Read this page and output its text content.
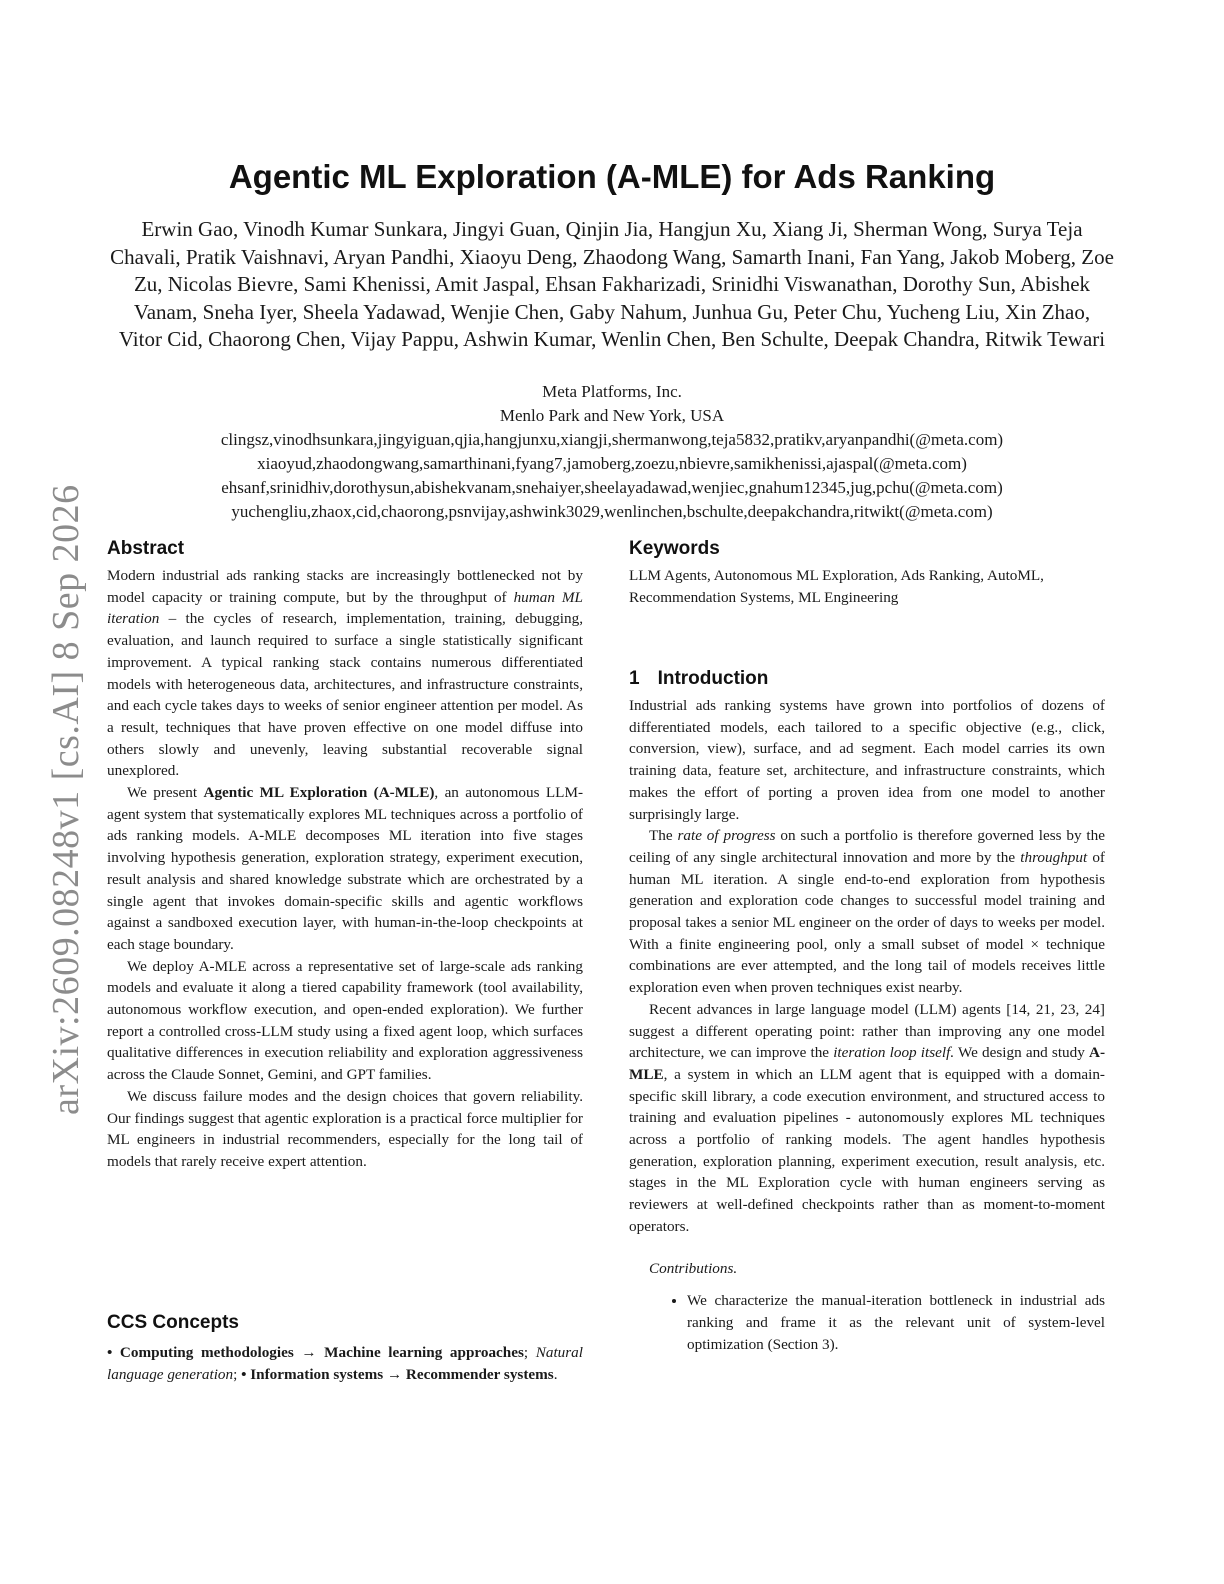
arXiv:2609.08248v1 [cs.AI] 8 Sep 2026
Agentic ML Exploration (A-MLE) for Ads Ranking
Erwin Gao, Vinodh Kumar Sunkara, Jingyi Guan, Qinjin Jia, Hangjun Xu, Xiang Ji, Sherman Wong, Surya Teja Chavali, Pratik Vaishnavi, Aryan Pandhi, Xiaoyu Deng, Zhaodong Wang, Samarth Inani, Fan Yang, Jakob Moberg, Zoe Zu, Nicolas Bievre, Sami Khenissi, Amit Jaspal, Ehsan Fakharizadi, Srinidhi Viswanathan, Dorothy Sun, Abishek Vanam, Sneha Iyer, Sheela Yadawad, Wenjie Chen, Gaby Nahum, Junhua Gu, Peter Chu, Yucheng Liu, Xin Zhao, Vitor Cid, Chaorong Chen, Vijay Pappu, Ashwin Kumar, Wenlin Chen, Ben Schulte, Deepak Chandra, Ritwik Tewari
Meta Platforms, Inc.
Menlo Park and New York, USA
clingsz,vinodhsunkara,jingyiguan,qjia,hangjunxu,xiangji,shermanwong,teja5832,pratikv,aryanpandhi(@meta.com)
xiaoyud,zhaodongwang,samarthinani,fyang7,jamoberg,zoezu,nbievre,samikhenissi,ajaspal(@meta.com)
ehsanf,srinidhiv,dorothysun,abishekvanam,snehaiyer,sheelayadawad,wenjiec,gnahum12345,jug,pchu(@meta.com)
yuchengliu,zhaox,cid,chaorong,psnvijay,ashwink3029,wenlinchen,bschulte,deepakchandra,ritwikt(@meta.com)
Abstract

Modern industrial ads ranking stacks are increasingly bottlenecked not by model capacity or training compute, but by the throughput of human ML iteration – the cycles of research, implementation, training, debugging, evaluation, and launch required to surface a single statistically significant improvement. A typical ranking stack contains numerous differentiated models with heterogeneous data, architectures, and infrastructure constraints, and each cycle takes days to weeks of senior engineer attention per model. As a result, techniques that have proven effective on one model diffuse into others slowly and unevenly, leaving substantial recoverable signal unexplored.

We present Agentic ML Exploration (A-MLE), an autonomous LLM-agent system that systematically explores ML techniques across a portfolio of ads ranking models. A-MLE decomposes ML iteration into five stages involving hypothesis generation, exploration strategy, experiment execution, result analysis and shared knowledge substrate which are orchestrated by a single agent that invokes domain-specific skills and agentic workflows against a sandboxed execution layer, with human-in-the-loop checkpoints at each stage boundary.

We deploy A-MLE across a representative set of large-scale ads ranking models and evaluate it along a tiered capability framework (tool availability, autonomous workflow execution, and open-ended exploration). We further report a controlled cross-LLM study using a fixed agent loop, which surfaces qualitative differences in execution reliability and exploration aggressiveness across the Claude Sonnet, Gemini, and GPT families.

We discuss failure modes and the design choices that govern reliability. Our findings suggest that agentic exploration is a practical force multiplier for ML engineers in industrial recommenders, especially for the long tail of models that rarely receive expert attention.

CCS Concepts

• Computing methodologies → Machine learning approaches; Natural language generation; • Information systems → Recommender systems.

Keywords

LLM Agents, Autonomous ML Exploration, Ads Ranking, AutoML, Recommendation Systems, ML Engineering

1 Introduction

Industrial ads ranking systems have grown into portfolios of dozens of differentiated models, each tailored to a specific objective (e.g., click, conversion, view), surface, and ad segment. Each model carries its own training data, feature set, architecture, and infrastructure constraints, which makes the effort of porting a proven idea from one model to another surprisingly large.

The rate of progress on such a portfolio is therefore governed less by the ceiling of any single architectural innovation and more by the throughput of human ML iteration. A single end-to-end exploration from hypothesis generation and exploration code changes to successful model training and proposal takes a senior ML engineer on the order of days to weeks per model. With a finite engineering pool, only a small subset of model × technique combinations are ever attempted, and the long tail of models receives little exploration even when proven techniques exist nearby.

Recent advances in large language model (LLM) agents [14, 21, 23, 24] suggest a different operating point: rather than improving any one model architecture, we can improve the iteration loop itself. We design and study A-MLE, a system in which an LLM agent that is equipped with a domain-specific skill library, a code execution environment, and structured access to training and evaluation pipelines - autonomously explores ML techniques across a portfolio of ranking models. The agent handles hypothesis generation, exploration planning, experiment execution, result analysis, etc. stages in the ML Exploration cycle with human engineers serving as reviewers at well-defined checkpoints rather than as moment-to-moment operators.

Contributions.

• We characterize the manual-iteration bottleneck in industrial ads ranking and frame it as the relevant unit of system-level optimization (Section 3).
